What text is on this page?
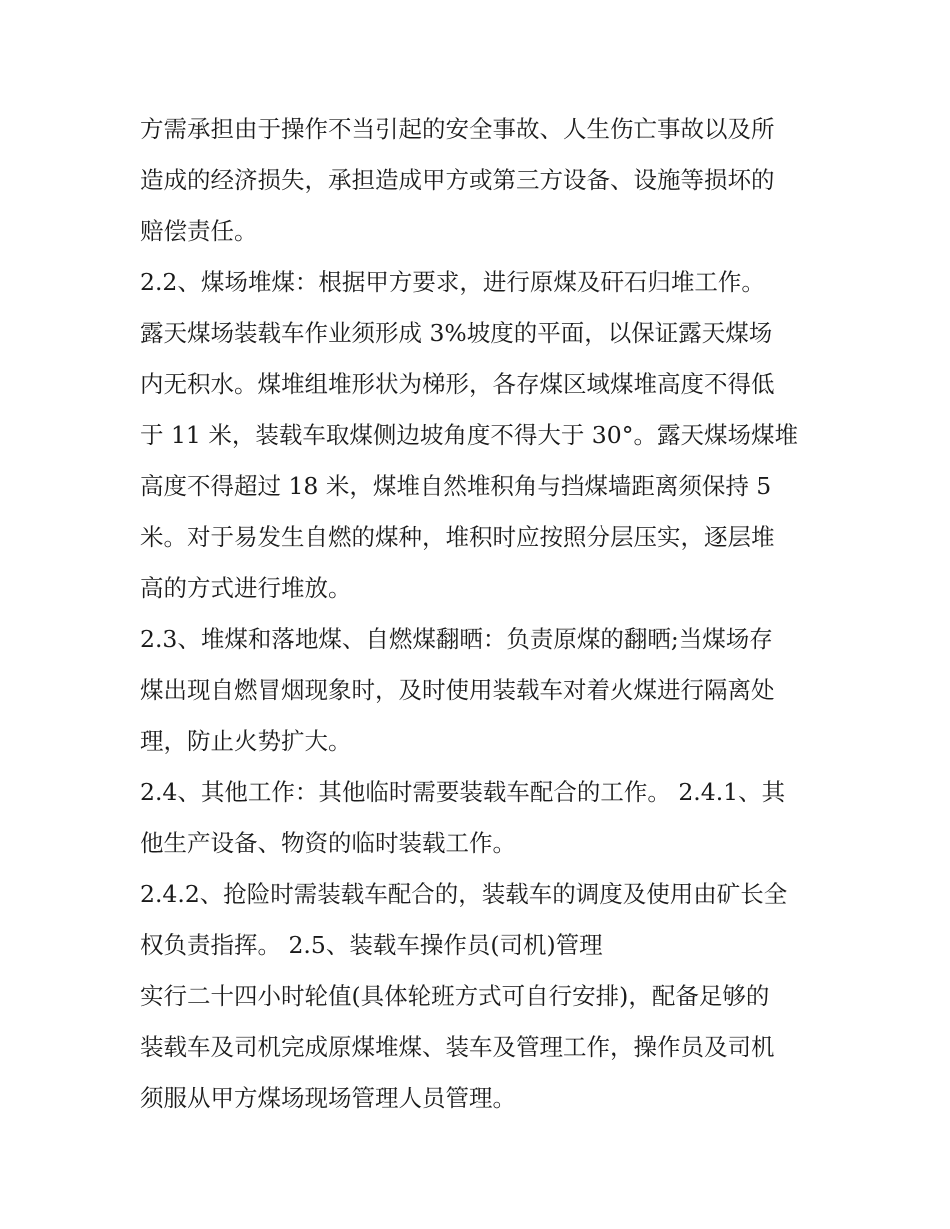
方需承担由于操作不当引起的安全事故、人生伤亡事故以及所
造成的经济损失，承担造成甲方或第三方设备、设施等损坏的
赔偿责任。
2.2、煤场堆煤：根据甲方要求，进行原煤及矸石归堆工作。
露天煤场装载车作业须形成 3%坡度的平面，以保证露天煤场
内无积水。煤堆组堆形状为梯形，各存煤区域煤堆高度不得低
于 11 米，装载车取煤侧边坡角度不得大于 30°。露天煤场煤堆
高度不得超过 18 米，煤堆自然堆积角与挡煤墙距离须保持 5
米。对于易发生自燃的煤种，堆积时应按照分层压实，逐层堆
高的方式进行堆放。
2.3、堆煤和落地煤、自燃煤翻晒：负责原煤的翻晒;当煤场存
煤出现自燃冒烟现象时，及时使用装载车对着火煤进行隔离处
理，防止火势扩大。
2.4、其他工作：其他临时需要装载车配合的工作。 2.4.1、其
他生产设备、物资的临时装载工作。
2.4.2、抢险时需装载车配合的，装载车的调度及使用由矿长全
权负责指挥。 2.5、装载车操作员(司机)管理
实行二十四小时轮值(具体轮班方式可自行安排)，配备足够的
装载车及司机完成原煤堆煤、装车及管理工作，操作员及司机
须服从甲方煤场现场管理人员管理。
